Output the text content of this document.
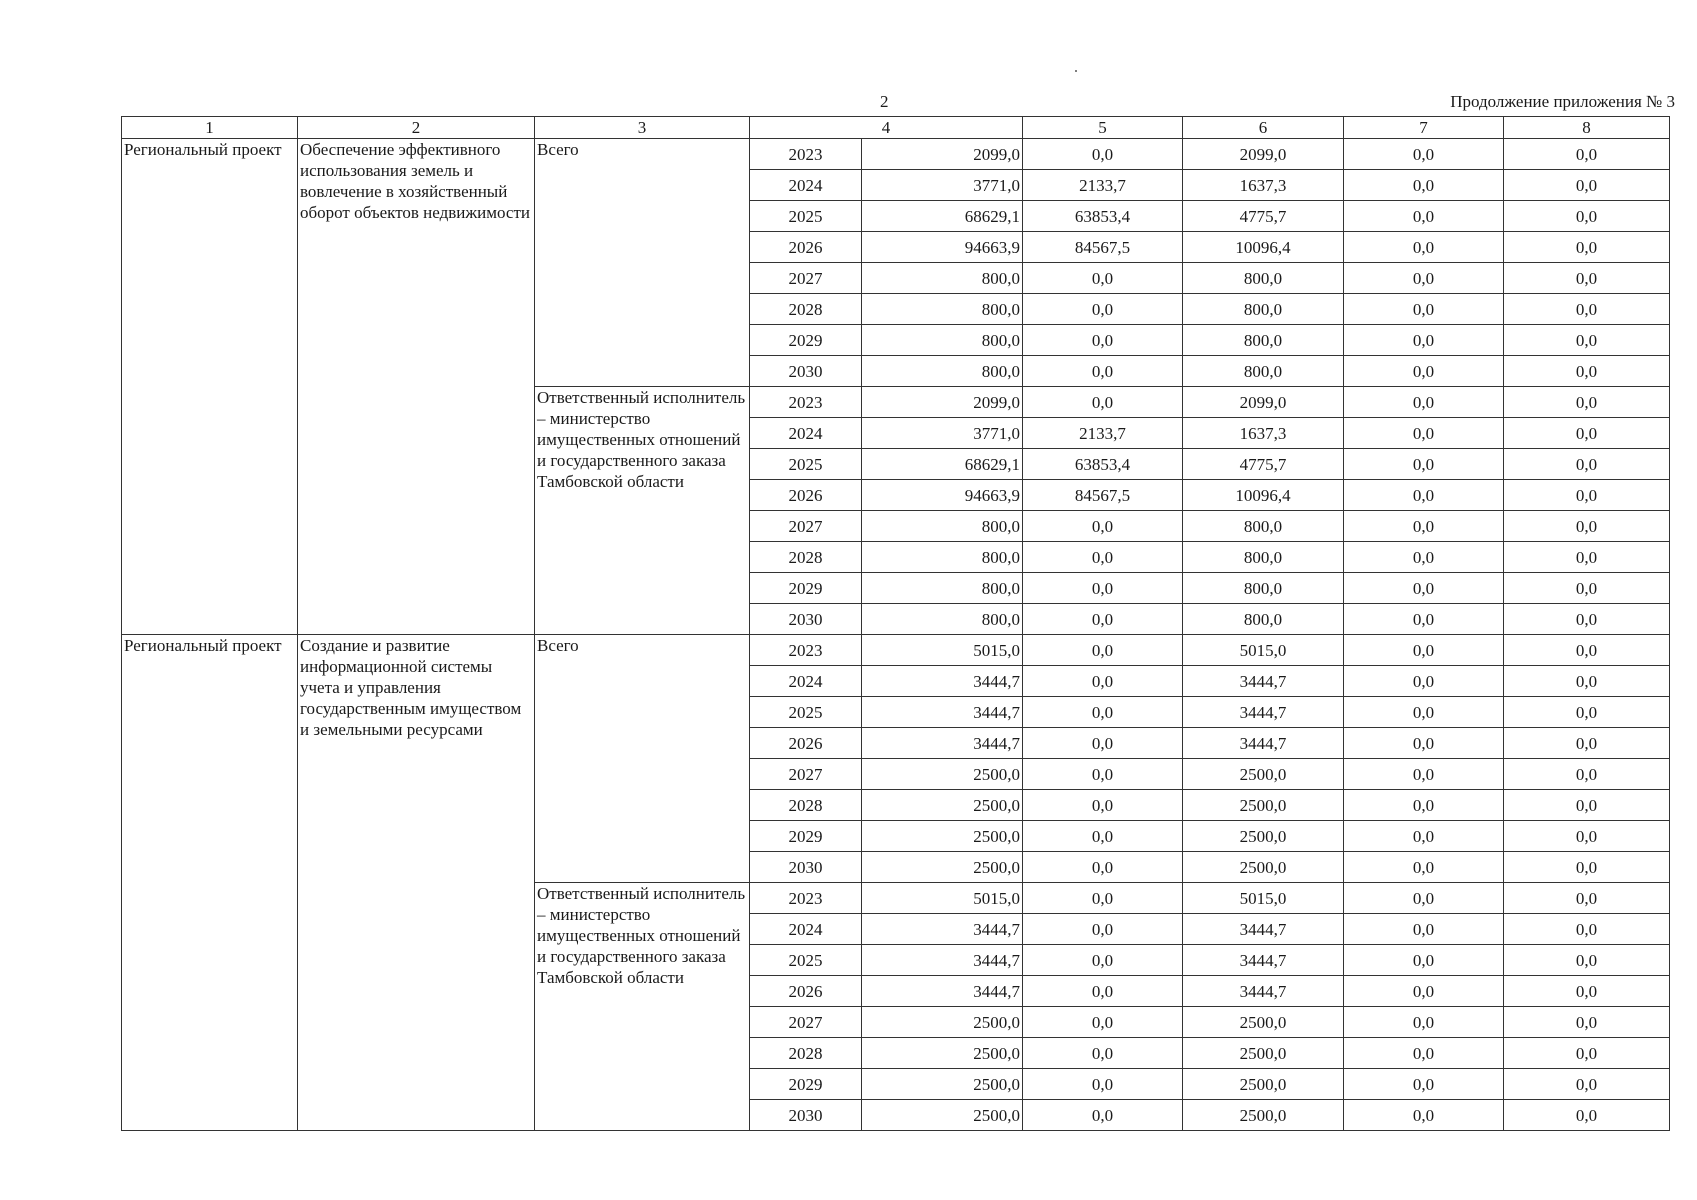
2	Продолжение приложения № 3
1	2	3	4		5	6	7	8
Региональный проект	Обеспечение эффективного использования земель и вовлечение в хозяйственный оборот объектов недвижимости	Всего	2023	2099,0	0,0	2099,0	0,0	0,0
			2024	3771,0	2133,7	1637,3	0,0	0,0
			2025	68629,1	63853,4	4775,7	0,0	0,0
			2026	94663,9	84567,5	10096,4	0,0	0,0
			2027	800,0	0,0	800,0	0,0	0,0
			2028	800,0	0,0	800,0	0,0	0,0
			2029	800,0	0,0	800,0	0,0	0,0
			2030	800,0	0,0	800,0	0,0	0,0
		Ответственный исполнитель – министерство имущественных отношений и государственного заказа Тамбовской области	2023	2099,0	0,0	2099,0	0,0	0,0
			2024	3771,0	2133,7	1637,3	0,0	0,0
			2025	68629,1	63853,4	4775,7	0,0	0,0
			2026	94663,9	84567,5	10096,4	0,0	0,0
			2027	800,0	0,0	800,0	0,0	0,0
			2028	800,0	0,0	800,0	0,0	0,0
			2029	800,0	0,0	800,0	0,0	0,0
			2030	800,0	0,0	800,0	0,0	0,0
Региональный проект	Создание и развитие информационной системы учета и управления государственным имуществом и земельными ресурсами	Всего	2023	5015,0	0,0	5015,0	0,0	0,0
			2024	3444,7	0,0	3444,7	0,0	0,0
			2025	3444,7	0,0	3444,7	0,0	0,0
			2026	3444,7	0,0	3444,7	0,0	0,0
			2027	2500,0	0,0	2500,0	0,0	0,0
			2028	2500,0	0,0	2500,0	0,0	0,0
			2029	2500,0	0,0	2500,0	0,0	0,0
			2030	2500,0	0,0	2500,0	0,0	0,0
		Ответственный исполнитель – министерство имущественных отношений и государственного заказа Тамбовской области	2023	5015,0	0,0	5015,0	0,0	0,0
			2024	3444,7	0,0	3444,7	0,0	0,0
			2025	3444,7	0,0	3444,7	0,0	0,0
			2026	3444,7	0,0	3444,7	0,0	0,0
			2027	2500,0	0,0	2500,0	0,0	0,0
			2028	2500,0	0,0	2500,0	0,0	0,0
			2029	2500,0	0,0	2500,0	0,0	0,0
			2030	2500,0	0,0	2500,0	0,0	0,0
